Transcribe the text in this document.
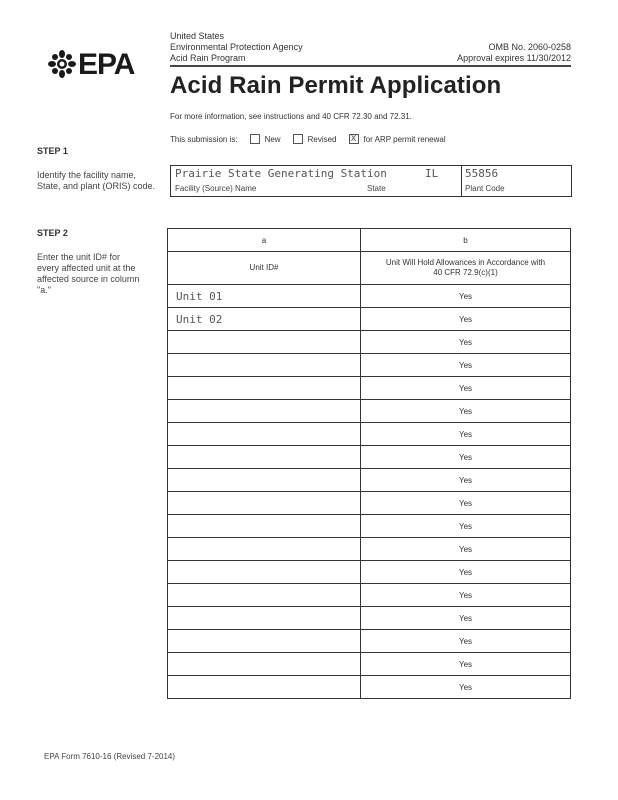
EPA
United States
Environmental Protection Agency
Acid Rain Program
OMB No. 2060-0258
Approval expires 11/30/2012
Acid Rain Permit Application
For more information, see instructions and 40 CFR 72.30 and 72.31.
This submission is:	New	Revised X for ARP permit renewal
STEP 1
Identify the facility name, State, and plant (ORIS) code.
Prairie State Generating Station
Facility (Source) Name
IL
State
55856
Plant Code
STEP 2
Enter the unit ID# for every affected unit at the affected source in column "a."
a	b
Unit ID#	Unit Will Hold Allowances in Accordance with 40 CFR 72.9(c)(1)
Unit 01	Yes
Unit 02	Yes
	Yes
	Yes
	Yes
	Yes
	Yes
	Yes
	Yes
	Yes
	Yes
	Yes
	Yes
	Yes
	Yes
	Yes
	Yes
	Yes
EPA Form 7610-16 (Revised 7-2014)
